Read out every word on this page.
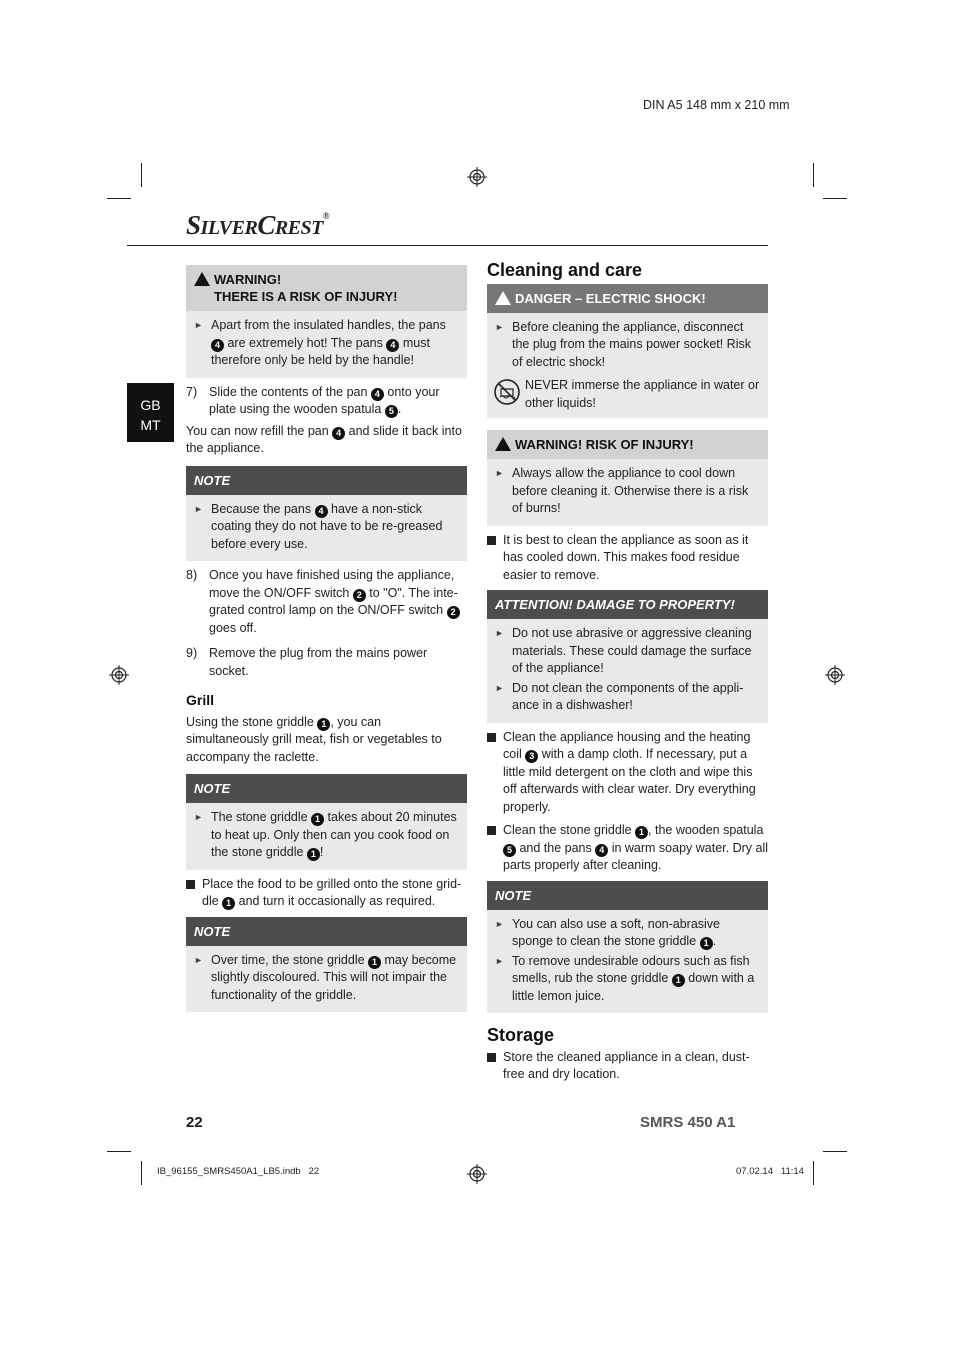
DIN A5 148 mm x 210 mm
SILVERCREST®
GB
MT
WARNING!
THERE IS A RISK OF INJURY!
► Apart from the insulated handles, the pans 4 are extremely hot! The pans 4 must therefore only be held by the handle!
7) Slide the contents of the pan 4 onto your plate using the wooden spatula 5 .

You can now refill the pan 4 and slide it back into the appliance.

NOTE
► Because the pans 4 have a non-stick coating they do not have to be re-greased before every use.
8) Once you have finished using the appliance, move the ON/OFF switch 2 to "O". The inte- grated control lamp on the ON/OFF switch 2 goes off.
9) Remove the plug from the mains power socket.
Grill

Using the stone griddle 1 , you can simultaneously grill meat, fish or vegetables to accompany the raclette.

NOTE
► The stone griddle 1 takes about 20 minutes to heat up. Only then can you cook food on the stone griddle 1 !
Place the food to be grilled onto the stone grid- dle 1 and turn it occasionally as required.
NOTE
► Over time, the stone griddle 1 may become slightly discoloured. This will not impair the functionality of the griddle.
Cleaning and care
DANGER – ELECTRIC SHOCK!
► Before cleaning the appliance, disconnect the plug from the mains power socket! Risk of electric shock!
NEVER immerse the appliance in water or other liquids!
WARNING! RISK OF INJURY!
► Always allow the appliance to cool down before cleaning it. Otherwise there is a risk of burns!
It is best to clean the appliance as soon as it has cooled down. This makes food residue easier to remove.
ATTENTION! DAMAGE TO PROPERTY!
► Do not use abrasive or aggressive cleaning materials. These could damage the surface of the appliance!
► Do not clean the components of the appli- ance in a dishwasher!
Clean the appliance housing and the heating coil 3 with a damp cloth. If necessary, put a little mild detergent on the cloth and wipe this off afterwards with clear water. Dry everything properly.
Clean the stone griddle 1 , the wooden spatula 5 and the pans 4 in warm soapy water. Dry all parts properly after cleaning.
NOTE
► You can also use a soft, non-abrasive sponge to clean the stone griddle 1 .
► To remove undesirable odours such as fish smells, rub the stone griddle 1 down with a little lemon juice.
Storage
Store the cleaned appliance in a clean, dust-free and dry location.
22	SMRS 450 A1
IB_96155_SMRS450A1_LB5.indb   22	07.02.14   11:14
